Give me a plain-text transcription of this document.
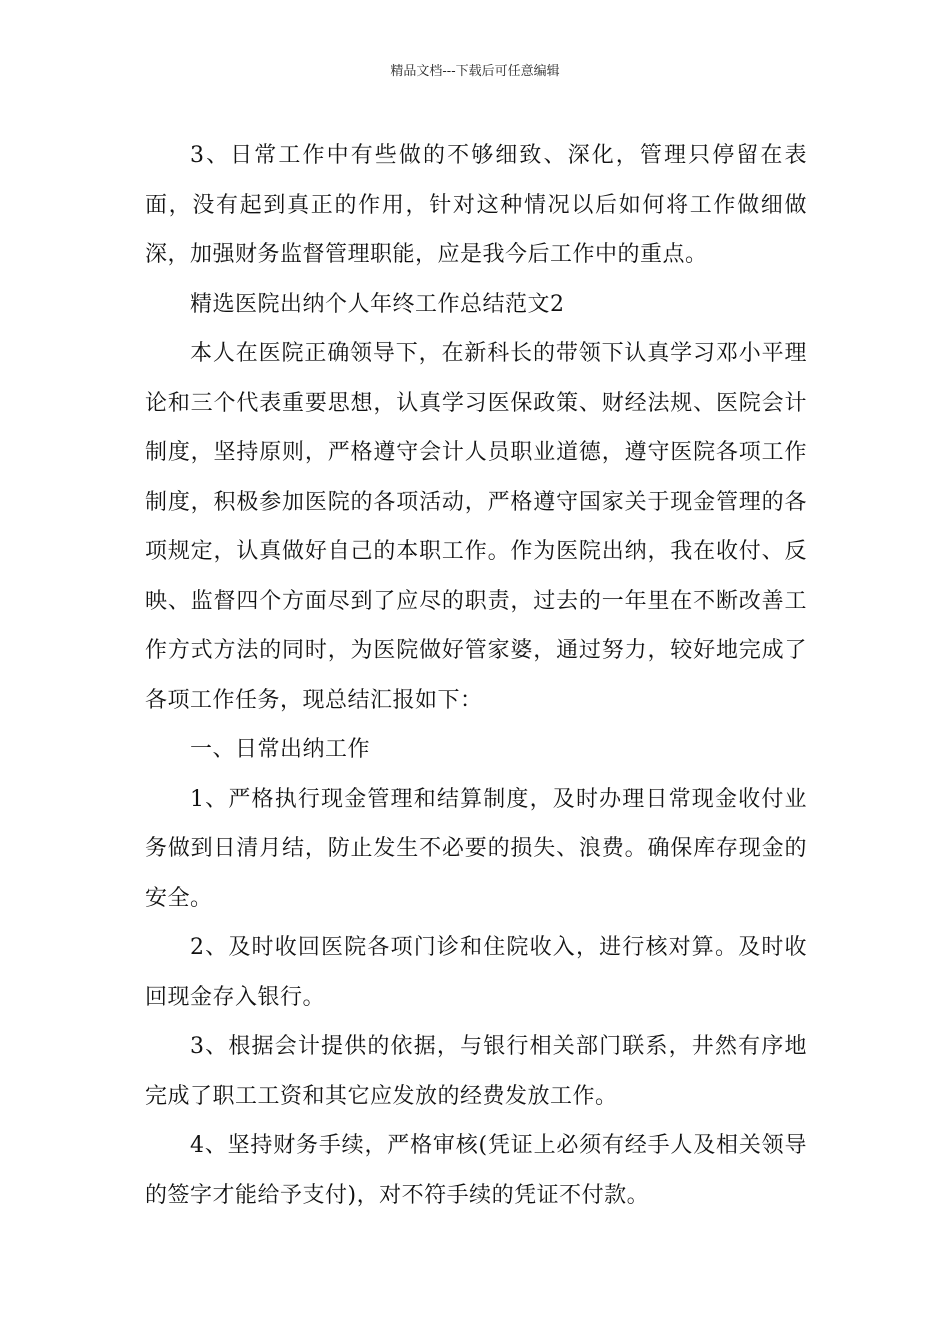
精品文档---下载后可任意编辑

3、日常工作中有些做的不够细致、深化，管理只停留在表面，没有起到真正的作用，针对这种情况以后如何将工作做细做深，加强财务监督管理职能，应是我今后工作中的重点。

精选医院出纳个人年终工作总结范文2

本人在医院正确领导下，在新科长的带领下认真学习邓小平理论和三个代表重要思想，认真学习医保政策、财经法规、医院会计制度，坚持原则，严格遵守会计人员职业道德，遵守医院各项工作制度，积极参加医院的各项活动，严格遵守国家关于现金管理的各项规定，认真做好自己的本职工作。作为医院出纳，我在收付、反映、监督四个方面尽到了应尽的职责，过去的一年里在不断改善工作方式方法的同时，为医院做好管家婆，通过努力，较好地完成了各项工作任务，现总结汇报如下：

一、日常出纳工作

1、严格执行现金管理和结算制度，及时办理日常现金收付业务做到日清月结，防止发生不必要的损失、浪费。确保库存现金的安全。

2、及时收回医院各项门诊和住院收入，进行核对算。及时收回现金存入银行。

3、根据会计提供的依据，与银行相关部门联系，井然有序地完成了职工工资和其它应发放的经费发放工作。

4、坚持财务手续，严格审核(凭证上必须有经手人及相关领导的签字才能给予支付)，对不符手续的凭证不付款。
